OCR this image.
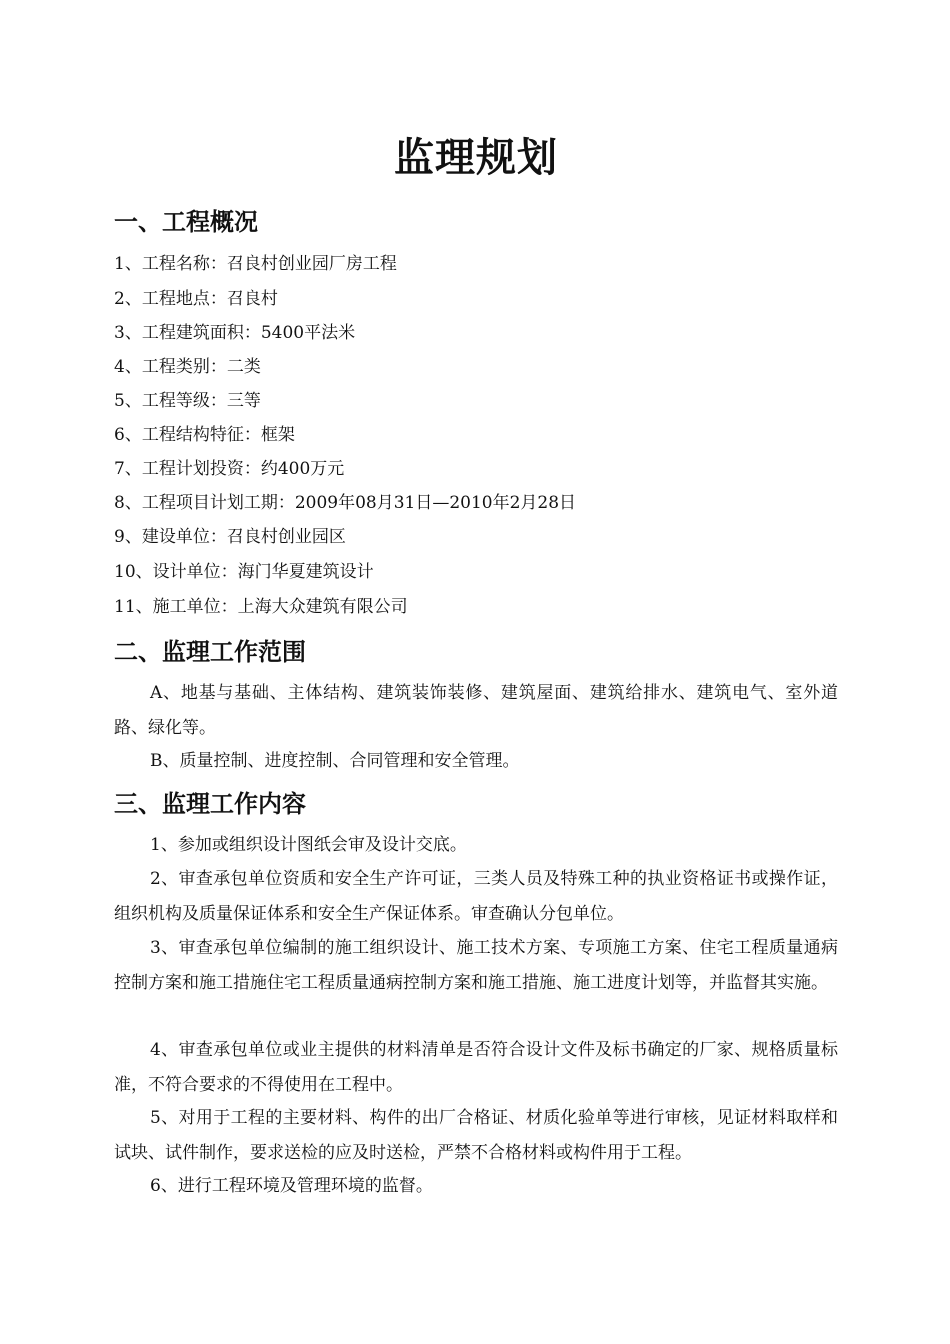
监理规划
一、工程概况
1、工程名称：召良村创业园厂房工程
2、工程地点：召良村
3、工程建筑面积：5400平法米
4、工程类别：二类
5、工程等级：三等
6、工程结构特征：框架
7、工程计划投资：约400万元
8、工程项目计划工期：2009年08月31日—2010年2月28日
9、建设单位：召良村创业园区
10、设计单位：海门华夏建筑设计
11、施工单位：上海大众建筑有限公司
二、监理工作范围
A、地基与基础、主体结构、建筑装饰装修、建筑屋面、建筑给排水、建筑电气、室外道路、绿化等。
B、质量控制、进度控制、合同管理和安全管理。
三、监理工作内容
1、参加或组织设计图纸会审及设计交底。
2、审查承包单位资质和安全生产许可证，三类人员及特殊工种的执业资格证书或操作证，组织机构及质量保证体系和安全生产保证体系。审查确认分包单位。
3、审查承包单位编制的施工组织设计、施工技术方案、专项施工方案、住宅工程质量通病控制方案和施工措施住宅工程质量通病控制方案和施工措施、施工进度计划等，并监督其实施。
4、审查承包单位或业主提供的材料清单是否符合设计文件及标书确定的厂家、规格质量标准，不符合要求的不得使用在工程中。
5、对用于工程的主要材料、构件的出厂合格证、材质化验单等进行审核，见证材料取样和试块、试件制作，要求送检的应及时送检，严禁不合格材料或构件用于工程。
6、进行工程环境及管理环境的监督。
